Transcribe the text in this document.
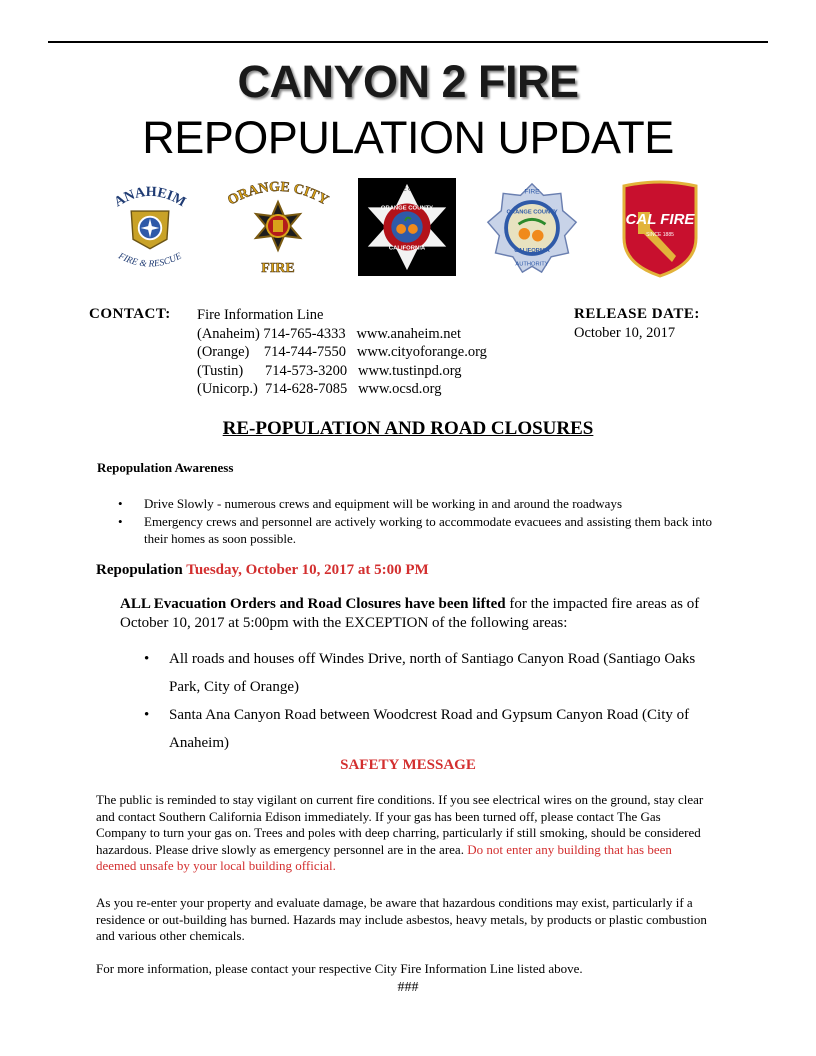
CANYON 2 FIRE
REPOPULATION UPDATE
ANAHEIM
FIRE & RESCUE
ORANGE CITY
FIRE
ORANGE COUNTY
ORANGE COUNTY
CALIFORNIA
FIRE
ORANGE COUNTY
CALIFORNIA
AUTHORITY
CAL FIRE
SINCE 1885
CONTACT: Fire Information Line
(Anaheim) 714-765-4333   www.anaheim.net
(Orange)    714-744-7550   www.cityoforange.org
(Tustin)      714-573-3200   www.tustinpd.org
(Unicorp.)  714-628-7085   www.ocsd.org
RELEASE DATE:
October 10, 2017
RE-POPULATION AND ROAD CLOSURES
Repopulation Awareness
• Drive Slowly - numerous crews and equipment will be working in and around the roadways
• Emergency crews and personnel are actively working to accommodate evacuees and assisting them back into their homes as soon possible.
Repopulation Tuesday, October 10, 2017 at 5:00 PM
ALL Evacuation Orders and Road Closures have been lifted for the impacted fire areas as of October 10, 2017 at 5:00pm with the EXCEPTION of the following areas:
• All roads and houses off Windes Drive, north of Santiago Canyon Road (Santiago Oaks Park, City of Orange)
• Santa Ana Canyon Road between Woodcrest Road and Gypsum Canyon Road (City of Anaheim)
SAFETY MESSAGE
The public is reminded to stay vigilant on current fire conditions. If you see electrical wires on the ground, stay clear and contact Southern California Edison immediately. If your gas has been turned off, please contact The Gas Company to turn your gas on. Trees and poles with deep charring, particularly if still smoking, should be considered hazardous. Please drive slowly as emergency personnel are in the area. Do not enter any building that has been deemed unsafe by your local building official.
As you re-enter your property and evaluate damage, be aware that hazardous conditions may exist, particularly if a residence or out-building has burned. Hazards may include asbestos, heavy metals, by products or plastic combustion and various other chemicals.
For more information, please contact your respective City Fire Information Line listed above.
###
